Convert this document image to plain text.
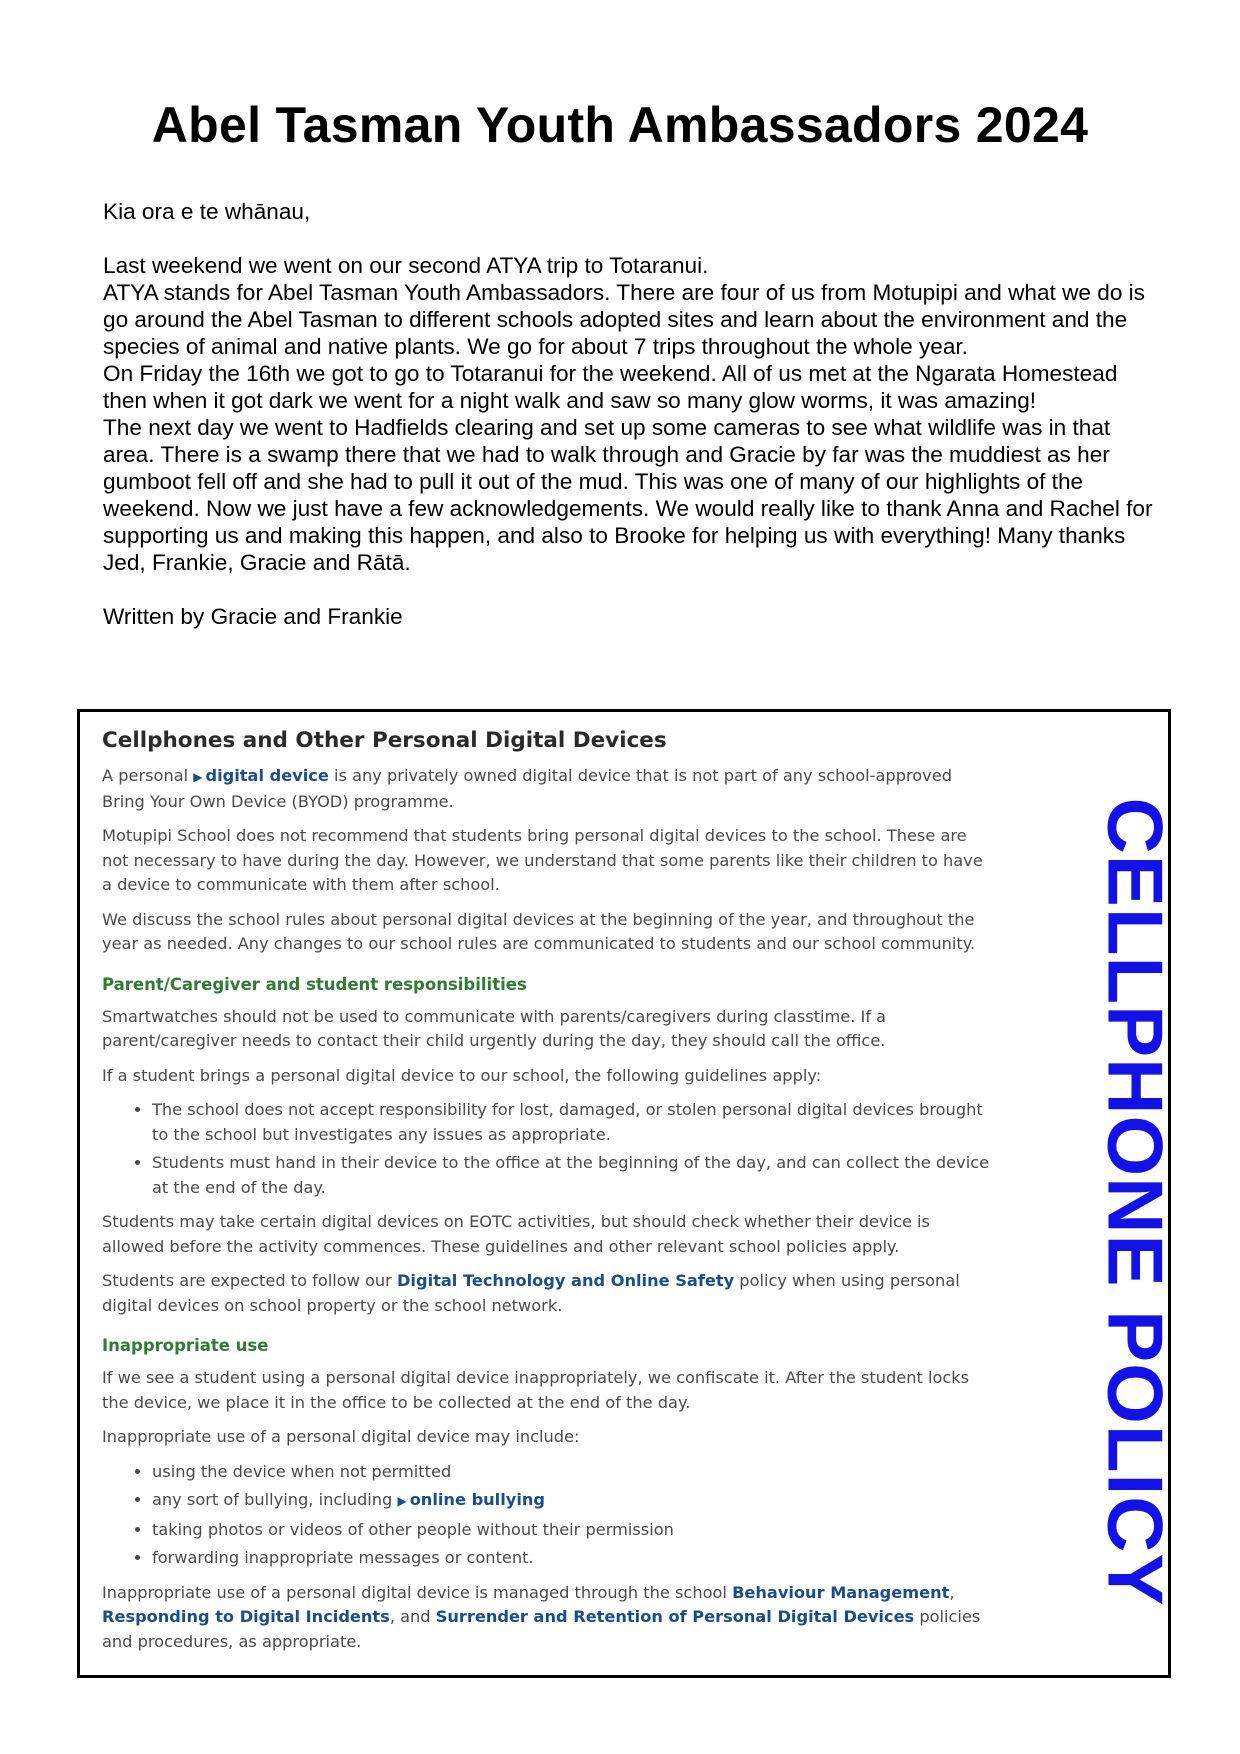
Abel Tasman Youth Ambassadors 2024

Kia ora e te whānau,

Last weekend we went on our second ATYA trip to Totaranui.

ATYA stands for Abel Tasman Youth Ambassadors. There are four of us from Motupipi and what we do is go around the Abel Tasman to different schools adopted sites and learn about the environment and the species of animal and native plants. We go for about 7 trips throughout the whole year.

On Friday the 16th we got to go to Totaranui for the weekend. All of us met at the Ngarata Homestead then when it got dark we went for a night walk and saw so many glow worms, it was amazing!

The next day we went to Hadfields clearing and set up some cameras to see what wildlife was in that area. There is a swamp there that we had to walk through and Gracie by far was the muddiest as her gumboot fell off and she had to pull it out of the mud. This was one of many of our highlights of the weekend. Now we just have a few acknowledgements. We would really like to thank Anna and Rachel for supporting us and making this happen, and also to Brooke for helping us with everything! Many thanks Jed, Frankie, Gracie and Rātā.

Written by Gracie and Frankie

Cellphones and Other Personal Digital Devices

A personal ▶ digital device is any privately owned digital device that is not part of any school-approved Bring Your Own Device (BYOD) programme.

Motupipi School does not recommend that students bring personal digital devices to the school. These are not necessary to have during the day. However, we understand that some parents like their children to have a device to communicate with them after school.

We discuss the school rules about personal digital devices at the beginning of the year, and throughout the year as needed. Any changes to our school rules are communicated to students and our school community.

Parent/Caregiver and student responsibilities

Smartwatches should not be used to communicate with parents/caregivers during classtime. If a parent/caregiver needs to contact their child urgently during the day, they should call the office.

If a student brings a personal digital device to our school, the following guidelines apply:

• The school does not accept responsibility for lost, damaged, or stolen personal digital devices brought to the school but investigates any issues as appropriate.
• Students must hand in their device to the office at the beginning of the day, and can collect the device at the end of the day.

Students may take certain digital devices on EOTC activities, but should check whether their device is allowed before the activity commences. These guidelines and other relevant school policies apply.

Students are expected to follow our Digital Technology and Online Safety policy when using personal digital devices on school property or the school network.

Inappropriate use

If we see a student using a personal digital device inappropriately, we confiscate it. After the student locks the device, we place it in the office to be collected at the end of the day.

Inappropriate use of a personal digital device may include:

• using the device when not permitted
• any sort of bullying, including ▶ online bullying
• taking photos or videos of other people without their permission
• forwarding inappropriate messages or content.

Inappropriate use of a personal digital device is managed through the school Behaviour Management, Responding to Digital Incidents, and Surrender and Retention of Personal Digital Devices policies and procedures, as appropriate.

CELLPHONE POLICY
